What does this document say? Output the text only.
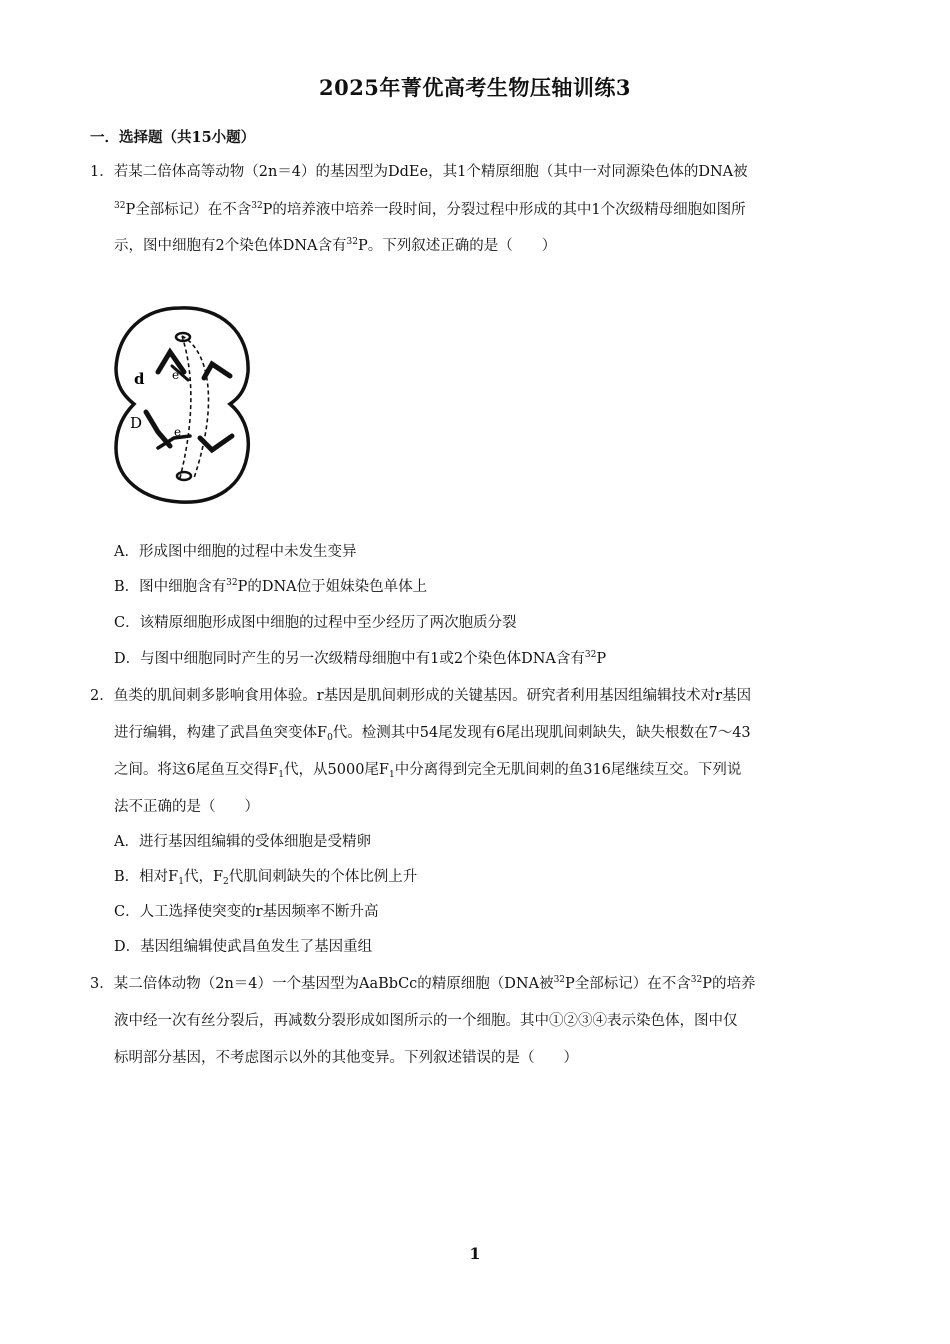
2025年菁优高考生物压轴训练3
一．选择题（共15小题）
1．若某二倍体高等动物（2n＝4）的基因型为DdEe，其1个精原细胞（其中一对同源染色体的DNA被
$^{32}$P全部标记）在不含$^{32}$P的培养液中培养一段时间，分裂过程中形成的其中1个次级精母细胞如图所
示，图中细胞有2个染色体DNA含有$^{32}$P。下列叙述正确的是（　　）
d e
D	e
A．形成图中细胞的过程中未发生变异
B．图中细胞含有$^{32}$P的DNA位于姐妹染色单体上
C．该精原细胞形成图中细胞的过程中至少经历了两次胞质分裂
D．与图中细胞同时产生的另一次级精母细胞中有1或2个染色体DNA含有$^{32}$P
2．鱼类的肌间刺多影响食用体验。r基因是肌间刺形成的关键基因。研究者利用基因组编辑技术对r基因
进行编辑，构建了武昌鱼突变体$F_0$代。检测其中54尾发现有6尾出现肌间刺缺失，缺失根数在7～43
之间。将这6尾鱼互交得$F_1$代，从5000尾$F_1$中分离得到完全无肌间刺的鱼316尾继续互交。下列说
法不正确的是（　　）
A．进行基因组编辑的受体细胞是受精卵
B．相对$F_1$代，$F_2$代肌间刺缺失的个体比例上升
C．人工选择使突变的r基因频率不断升高
D．基因组编辑使武昌鱼发生了基因重组
3．某二倍体动物（2n＝4）一个基因型为AaBbCc的精原细胞（DNA被$^{32}$P全部标记）在不含$^{32}$P的培养
液中经一次有丝分裂后，再减数分裂形成如图所示的一个细胞。其中①②③④表示染色体，图中仅
标明部分基因，不考虑图示以外的其他变异。下列叙述错误的是（　　）
1
